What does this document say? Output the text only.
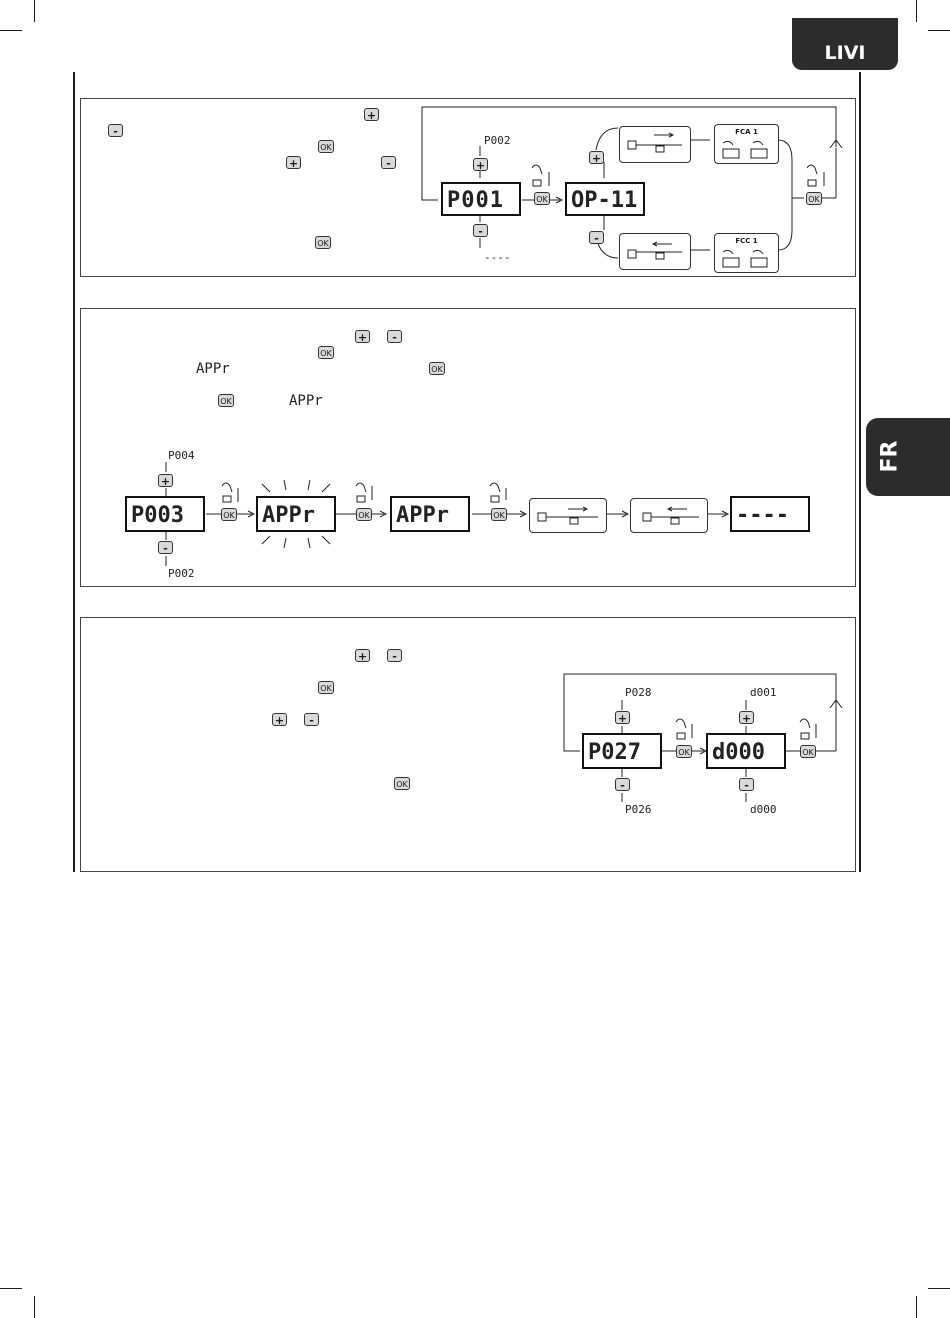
LIVI
FR
+
-
OK
+	-
OK
P001	OP-11
+
-
P002
----
OK
+
-
FCA 1
FCC 1
OK
+	-
OK
APPr	OK
OK	APPr
P003	APPr	APPr	----
+
-
P004
P002
OK	OK	OK
+	-
OK
+	-
OK
P027	d000
+
-
+
-
P028
P026
d001
d000
OK	OK
